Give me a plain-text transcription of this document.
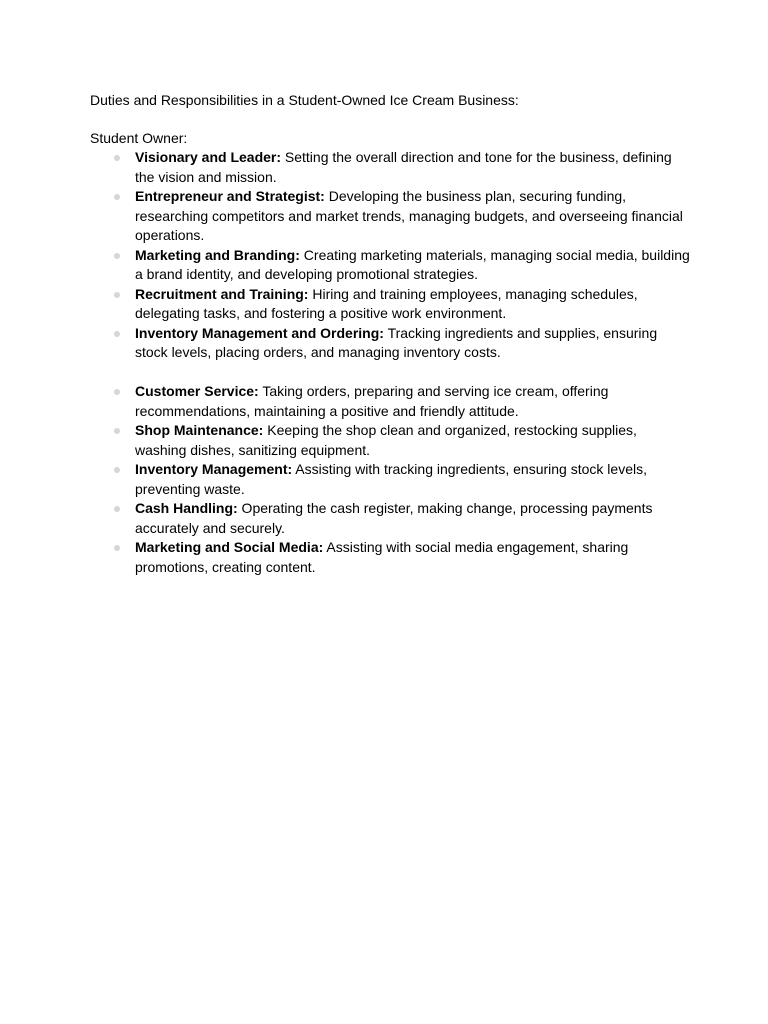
Duties and Responsibilities in a Student-Owned Ice Cream Business:

Student Owner:

Visionary and Leader: Setting the overall direction and tone for the business, defining the vision and mission.
Entrepreneur and Strategist: Developing the business plan, securing funding, researching competitors and market trends, managing budgets, and overseeing financial operations.
Marketing and Branding: Creating marketing materials, managing social media, building a brand identity, and developing promotional strategies.
Recruitment and Training: Hiring and training employees, managing schedules, delegating tasks, and fostering a positive work environment.
Inventory Management and Ordering: Tracking ingredients and supplies, ensuring stock levels, placing orders, and managing inventory costs.
Customer Service: Taking orders, preparing and serving ice cream, offering recommendations, maintaining a positive and friendly attitude.
Shop Maintenance: Keeping the shop clean and organized, restocking supplies, washing dishes, sanitizing equipment.
Inventory Management: Assisting with tracking ingredients, ensuring stock levels, preventing waste.
Cash Handling: Operating the cash register, making change, processing payments accurately and securely.
Marketing and Social Media: Assisting with social media engagement, sharing promotions, creating content.
